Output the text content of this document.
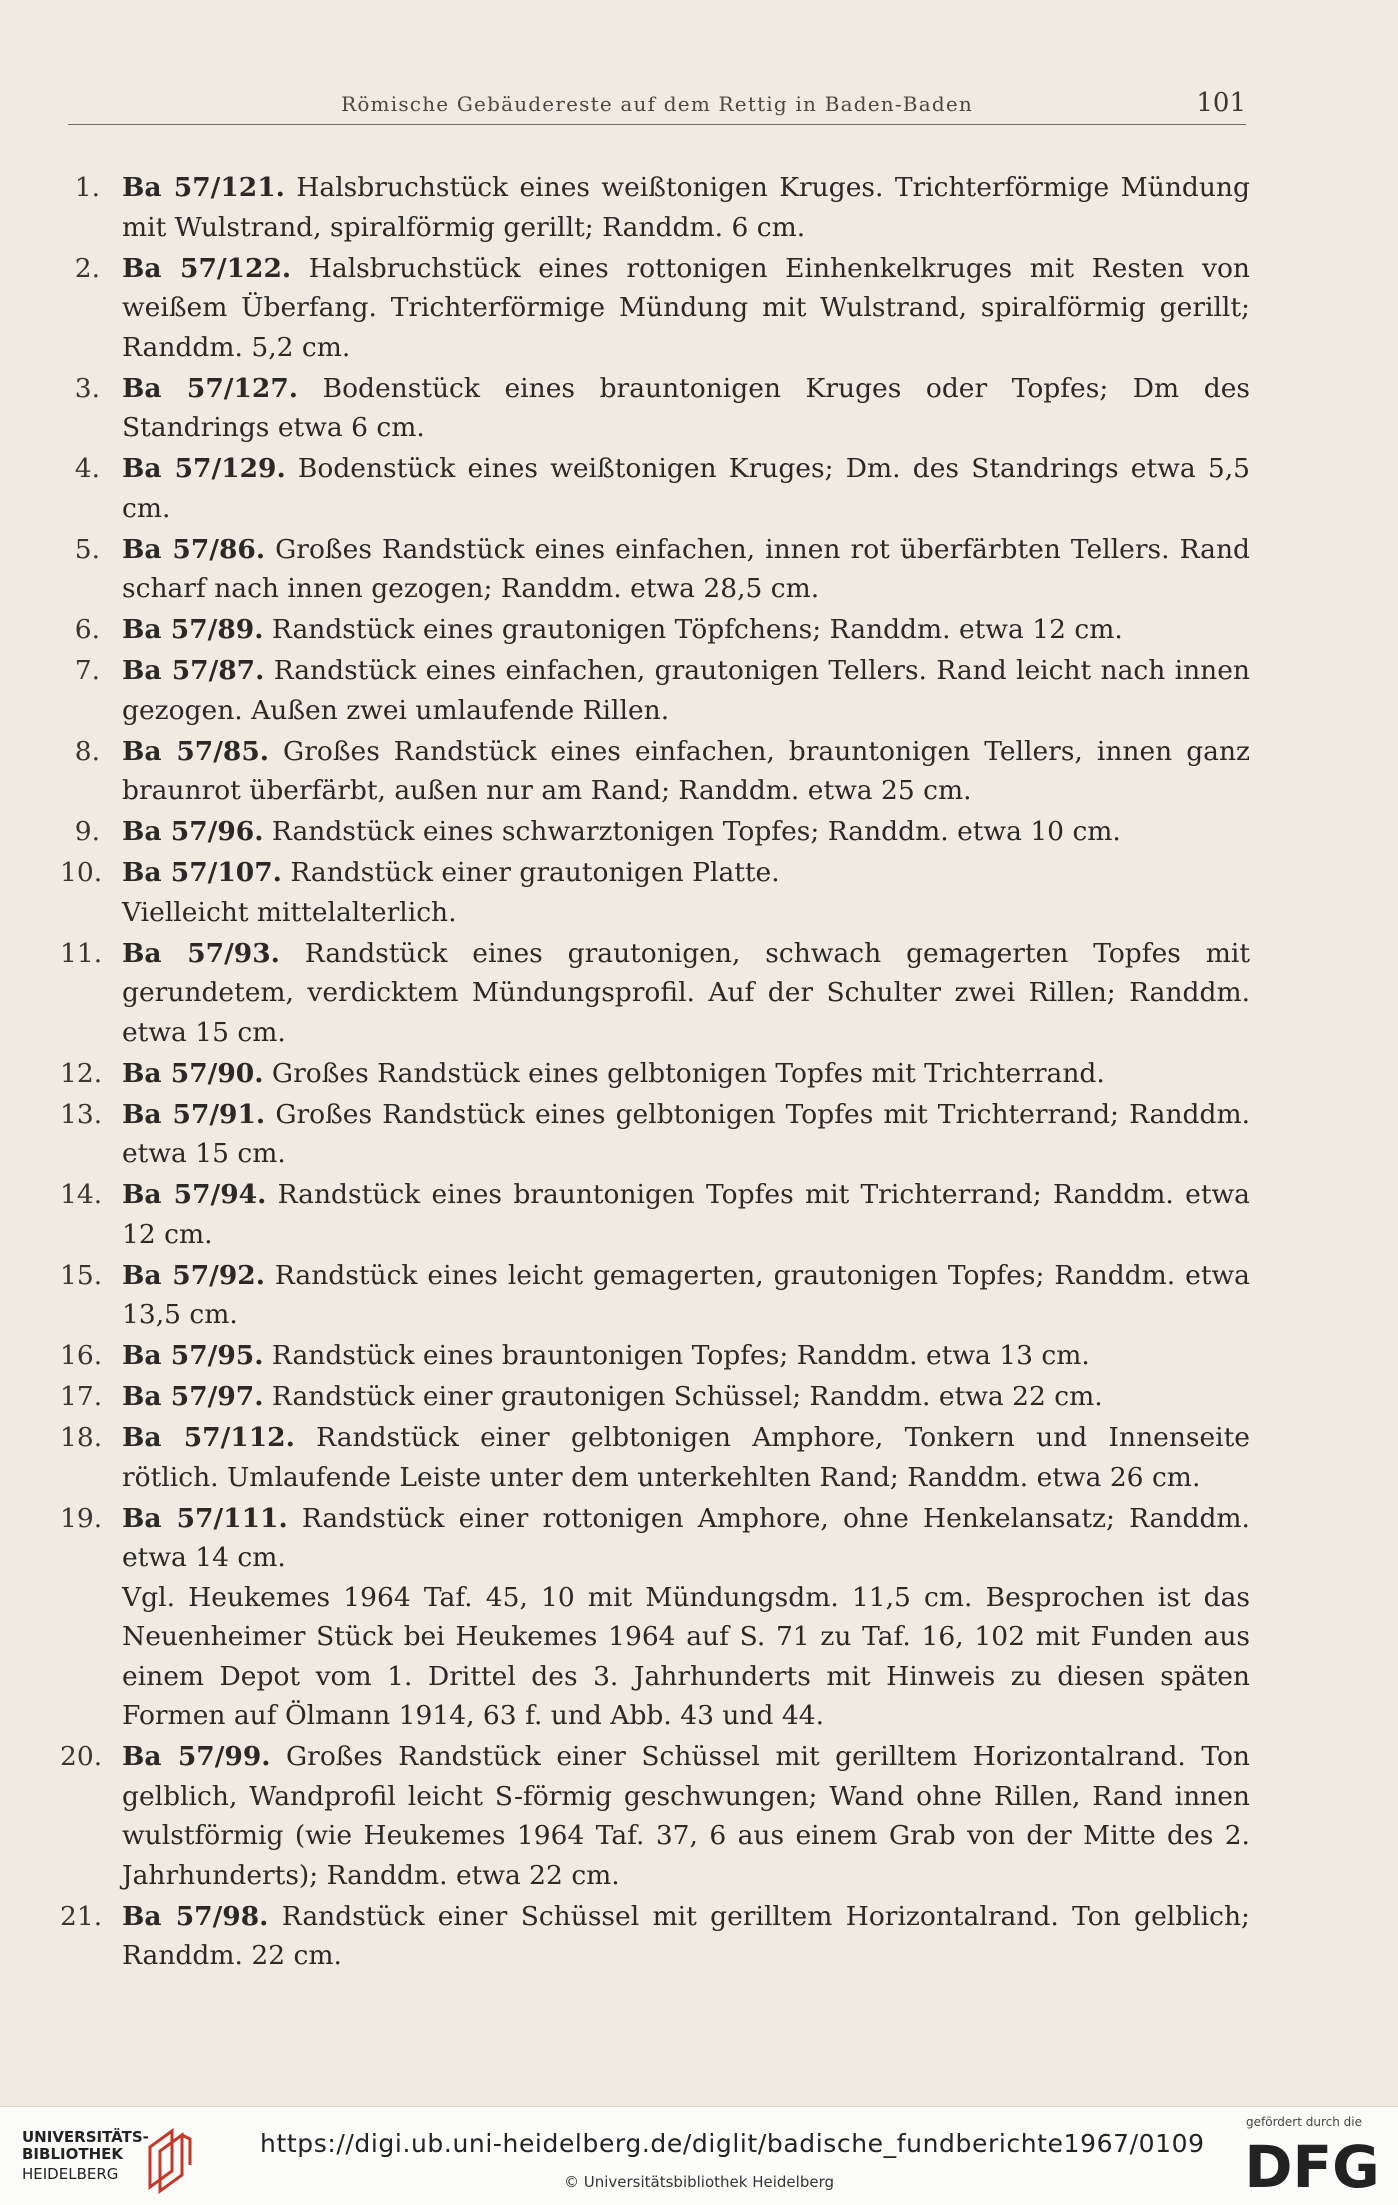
Römische Gebäudereste auf dem Rettig in Baden-Baden	101
1. Ba 57/121. Halsbruchstück eines weißtonigen Kruges. Trichterförmige Mündung mit Wulstrand, spiralförmig gerillt; Randdm. 6 cm.
2. Ba 57/122. Halsbruchstück eines rottonigen Einhenkelkruges mit Resten von weißem Überfang. Trichterförmige Mündung mit Wulstrand, spiralförmig gerillt; Randdm. 5,2 cm.
3. Ba 57/127. Bodenstück eines brauntonigen Kruges oder Topfes; Dm des Standrings etwa 6 cm.
4. Ba 57/129. Bodenstück eines weißtonigen Kruges; Dm. des Standrings etwa 5,5 cm.
5. Ba 57/86. Großes Randstück eines einfachen, innen rot überfärbten Tellers. Rand scharf nach innen gezogen; Randdm. etwa 28,5 cm.
6. Ba 57/89. Randstück eines grautonigen Töpfchens; Randdm. etwa 12 cm.
7. Ba 57/87. Randstück eines einfachen, grautonigen Tellers. Rand leicht nach innen gezogen. Außen zwei umlaufende Rillen.
8. Ba 57/85. Großes Randstück eines einfachen, brauntonigen Tellers, innen ganz braunrot überfärbt, außen nur am Rand; Randdm. etwa 25 cm.
9. Ba 57/96. Randstück eines schwarztonigen Topfes; Randdm. etwa 10 cm.
10. Ba 57/107. Randstück einer grautonigen Platte.
Vielleicht mittelalterlich.
11. Ba 57/93. Randstück eines grautonigen, schwach gemagerten Topfes mit gerundetem, verdicktem Mündungsprofil. Auf der Schulter zwei Rillen; Randdm. etwa 15 cm.
12. Ba 57/90. Großes Randstück eines gelbtonigen Topfes mit Trichterrand.
13. Ba 57/91. Großes Randstück eines gelbtonigen Topfes mit Trichterrand; Randdm. etwa 15 cm.
14. Ba 57/94. Randstück eines brauntonigen Topfes mit Trichterrand; Randdm. etwa 12 cm.
15. Ba 57/92. Randstück eines leicht gemagerten, grautonigen Topfes; Randdm. etwa 13,5 cm.
16. Ba 57/95. Randstück eines brauntonigen Topfes; Randdm. etwa 13 cm.
17. Ba 57/97. Randstück einer grautonigen Schüssel; Randdm. etwa 22 cm.
18. Ba 57/112. Randstück einer gelbtonigen Amphore, Tonkern und Innenseite rötlich. Umlaufende Leiste unter dem unterkehlten Rand; Randdm. etwa 26 cm.
19. Ba 57/111. Randstück einer rottonigen Amphore, ohne Henkelansatz; Randdm. etwa 14 cm.
Vgl. Heukemes 1964 Taf. 45, 10 mit Mündungsdm. 11,5 cm. Besprochen ist das Neuenheimer Stück bei Heukemes 1964 auf S. 71 zu Taf. 16, 102 mit Funden aus einem Depot vom 1. Drittel des 3. Jahrhunderts mit Hinweis zu diesen späten Formen auf Ölmann 1914, 63 f. und Abb. 43 und 44.
20. Ba 57/99. Großes Randstück einer Schüssel mit gerilltem Horizontalrand. Ton gelblich, Wandprofil leicht S-förmig geschwungen; Wand ohne Rillen, Rand innen wulstförmig (wie Heukemes 1964 Taf. 37, 6 aus einem Grab von der Mitte des 2. Jahrhunderts); Randdm. etwa 22 cm.
21. Ba 57/98. Randstück einer Schüssel mit gerilltem Horizontalrand. Ton gelblich; Randdm. 22 cm.
UNIVERSITÄTS-
BIBLIOTHEK
HEIDELBERG
https://digi.ub.uni-heidelberg.de/diglit/badische_fundberichte1967/0109
© Universitätsbibliothek Heidelberg
gefördert durch die
DFG
